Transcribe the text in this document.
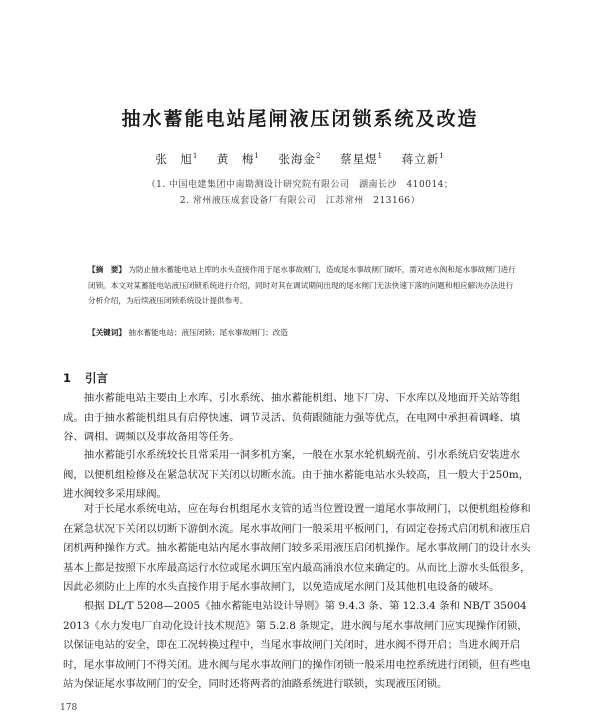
抽水蓄能电站尾闸液压闭锁系统及改造
张　旭$^1$ 黄　梅$^1$ 张海金$^2$ 蔡星煜$^1$ 蒋立新$^1$
（1. 中国电建集团中南勘测设计研究院有限公司　湖南长沙　410014；
2. 常州液压成套设备厂有限公司　江苏常州　213166）
【摘　要】 为防止抽水蓄能电站上库的水头直接作用于尾水事故闸门，造成尾水事故闸门破坏，需对进水阀和尾水事故闸门进行闭锁。本文对某蓄能电站液压闭锁系统进行介绍，同时对其在调试期间出现的尾水闸门无法快速下落的问题和相应解决办法进行分析介绍，为后续液压闭锁系统设计提供参考。
【关键词】 抽水蓄能电站；液压闭锁；尾水事故闸门；改造
1 引言

抽水蓄能电站主要由上水库、引水系统、抽水蓄能机组、地下厂房、下水库以及地面开关站等组成。由于抽水蓄能机组具有启停快速、调节灵活、负荷跟随能力强等优点，在电网中承担着调峰、填谷、调相、调频以及事故备用等任务。

抽水蓄能引水系统较长且常采用一洞多机方案，一般在水泵水轮机蜗壳前、引水系统启安装进水阀，以便机组检修及在紧急状况下关闭以切断水流。由于抽水蓄能电站水头较高，且一般大于250m，进水阀较多采用球阀。

对于长尾水系统电站，应在每台机组尾水支管的适当位置设置一道尾水事故闸门，以便机组检修和在紧急状况下关闭以切断下游倒水流。尾水事故闸门一般采用平板闸门，有固定卷扬式启闭机和液压启闭机两种操作方式。抽水蓄能电站内尾水事故闸门较多采用液压启闭机操作。尾水事故闸门的设计水头基本上都是按照下水库最高运行水位或尾水调压室内最高涌浪水位来确定的。从而比上游水头低很多，因此必须防止上库的水头直接作用于尾水事故闸门，以免造成尾水闸门及其他机电设备的破坏。

根据 DL/T 5208—2005《抽水蓄能电站设计导则》第 9.4.3 条、第 12.3.4 条和 NB/T 35004　2013《水力发电厂自动化设计技术规范》第 5.2.8 条规定，进水阀与尾水事故闸门应实现操作闭锁，以保证电站的安全，即在工况转换过程中，当尾水事故闸门关闭时，进水阀不得开启；当进水阀开启时，尾水事故闸门不得关闭。进水阀与尾水事故闸门的操作闭锁一般采用电控系统进行闭锁，但有些电站为保证尾水事故闸门的安全，同时还将两者的油路系统进行联锁，实现液压闭锁。

178
